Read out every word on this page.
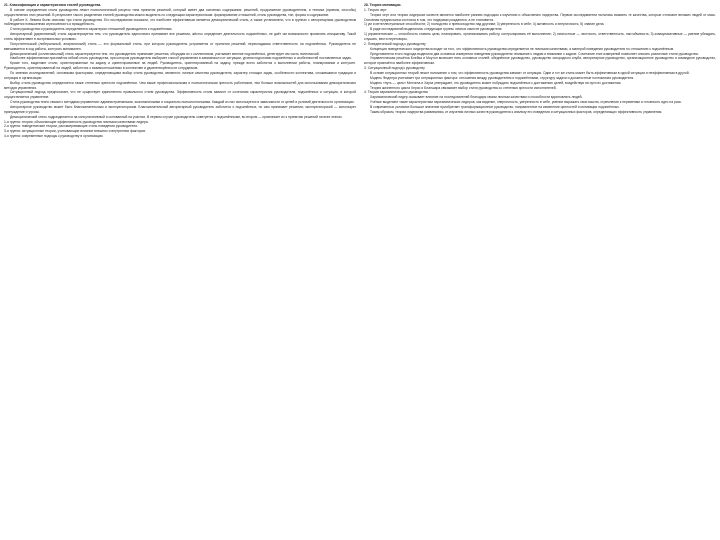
21. Классификация и характеристика стилей руководства.

В основе определения стиля руководства лежит психологический рисунок типа принятия решений, который имеет два основных содержания: решений, продолжение руководителем, и техника (приемы, способы) осуществления этих решений. В результате такого разделения стилей руководства можно выделить по следующим характеристикам: формирование отношений, стиль руководства, тип, форма и содержание.

В работе К. Левина были описаны три стиля руководства. Его исследования показали, что наиболее эффективным является демократический стиль, а также установлено, что в группах с авторитарным руководством наблюдается повышенная агрессивность и враждебность.

Стили руководства и руководитель определяются характером отношений руководителя к подчинённым.

Авторитарный (директивный) стиль характеризуется тем, что руководитель единолично принимает все решения, жёстко определяет деятельность подчинённых, не даёт им возможности проявлять инициативу. Такой стиль эффективен в экстремальных условиях.

Попустительский (либеральный, анархический) стиль — это формальный стиль, при котором руководитель устраняется от принятия решений, перекладывая ответственность на подчинённых. Руководитель не вмешивается в ход работы, контроль минимален.

Демократический (коллегиальный) стиль характеризуется тем, что руководитель принимает решения, обсуждая их с коллективом, учитывает мнение подчинённых, делегирует им часть полномочий.

Наиболее эффективным признаётся гибкий стиль руководства, при котором руководитель выбирает способ управления в зависимости от ситуации, уровня подготовки подчинённых и особенностей поставленных задач.

Кроме того, выделяют стили, ориентированные на задачу и ориентированные на людей. Руководитель, ориентированный на задачу, прежде всего заботится о выполнении работы, планировании и контроле. Руководитель, ориентированный на людей, заботится о взаимоотношениях в коллективе и удовлетворённости сотрудников.

По мнению исследователей, основными факторами, определяющими выбор стиля руководства, являются: личные качества руководителя, характер стоящих задач, особенности коллектива, сложившиеся традиции и ситуация в организации.

Выбор стиля руководства определяется также степенью зрелости подчинённых. Чем выше профессиональная и психологическая зрелость работников, тем больше возможностей для использования демократических методов управления.

Ситуационный подход предполагает, что не существует единственно правильного стиля руководства. Эффективность стиля зависит от сочетания характеристик руководителя, подчинённых и ситуации, в которой осуществляется управление.

Стиль руководства тесно связан с методами управления: административными, экономическими и социально-психологическими. Каждый из них используется в зависимости от целей и условий деятельности организации.

Авторитарное руководство может быть благожелательным и эксплуататорским. Благожелательный авторитарный руководитель заботится о подчинённых, но сам принимает решения; эксплуататорский — использует принуждение и угрозы.

Демократический стиль подразделяется на консультативный и основанный на участии. В первом случае руководитель советуется с подчинёнными, во втором — привлекает их к принятию решений на всех этапах.

1-я группа: теории, объясняющие эффективность руководства личными качествами лидера.

2-я группа: поведенческие теории, рассматривающие стиль поведения руководителя.

3-я группа: ситуационные теории, учитывающие влияние внешних и внутренних факторов.

4-я группа: современные подходы к руководству в организации.

28. Теория мотивации.

1. Теория черт

Теория черт или теория лидерских качеств является наиболее ранним подходом к изучению и объяснению лидерства. Первые исследователи пытались выявить те качества, которые отличают великих людей от масс. Основная предпосылка состояла в том, что лидерами рождаются, а не становятся.

1) ум и интеллектуальные способности; 2) господство и превосходство над другими; 3) уверенность в себе; 4) активность и энергичность; 5) знание дела.

В ряде исследований выделялись следующие группы личных качеств руководителя:

1) управленческие — способность ставить цели, планировать, организовывать работу, контролировать её выполнение; 2) личностные — честность, ответственность, настойчивость; 3) коммуникативные — умение убеждать, слушать, вести переговоры.

2. Поведенческий подход к руководству

Концепция поведенческого лидерства исходит из того, что эффективность руководства определяется не личными качествами, а манерой поведения руководителя по отношению к подчинённым.

Представители этого подхода выделили два основных измерения поведения руководителя: внимание к людям и внимание к задаче. Сочетание этих измерений позволяет описать различные стили руководства.

Управленческая решётка Блейка и Моутон включает пять основных стилей: обеднённое руководство, руководство загородного клуба, авторитарное руководство, организационное руководство и командное руководство, которое признаётся наиболее эффективным.

3. Ситуационный подход к руководству

В основе ситуационных теорий лежит положение о том, что эффективность руководства зависит от ситуации. Один и тот же стиль может быть эффективным в одной ситуации и неэффективным в другой.

Модель Фидлера учитывает три ситуационных фактора: отношения между руководителем и подчинёнными, структуру задачи и должностные полномочия руководителя.

Модель «путь — цель» Митчела и Хауса утверждает, что руководитель может побуждать подчинённых к достижению целей, воздействуя на пути их достижения.

Теория жизненного цикла Херси и Бланшара связывает выбор стиля руководства со степенью зрелости исполнителей.

4. Теория харизматического руководства

Харизматический лидер оказывает влияние на последователей благодаря своим личным качествам и способности вдохновлять людей.

Учёные выделяют такие характеристики харизматических лидеров, как видение, энергичность, уверенность в себе, умение выражать свои мысли, стремление к переменам и готовность идти на риск.

В современных условиях большое значение приобретает трансформационное руководство, направленное на изменение ценностей и мотивации подчинённых.

Таким образом, теории лидерства развивались от изучения личных качеств руководителя к анализу его поведения и ситуационных факторов, определяющих эффективность управления.
